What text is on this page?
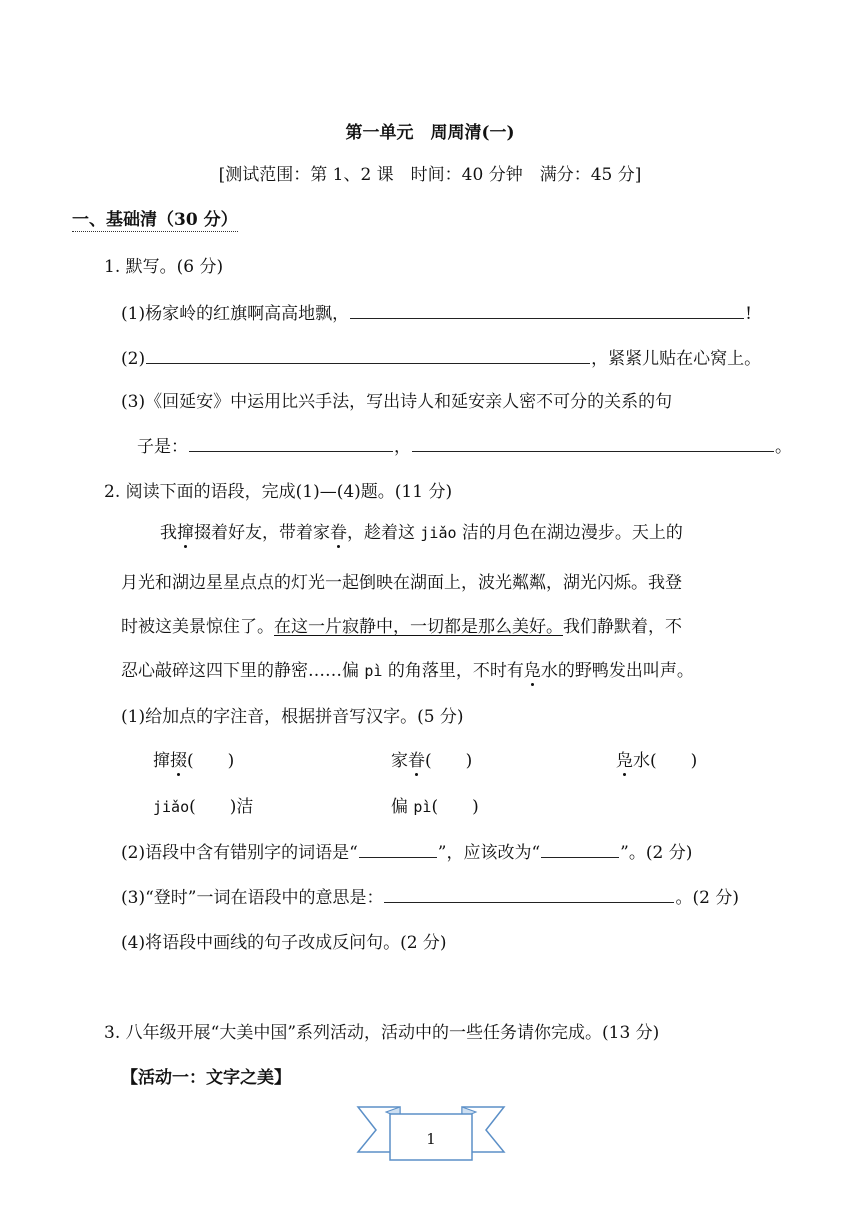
第一单元　周周清(一)
[测试范围：第 1、2 课　时间：40 分钟　满分：45 分]
一、基础清（30 分）
1. 默写。(6 分)
(1)杨家岭的红旗啊高高地飘，	!
(2)	，紧紧儿贴在心窝上。
(3)《回延安》中运用比兴手法，写出诗人和延安亲人密不可分的关系的句
子是：	，	。
2. 阅读下面的语段，完成(1)—(4)题。(11 分)
我撺掇着好友，带着家眷，趁着这 jiǎo 洁的月色在湖边漫步。天上的
月光和湖边星星点点的灯光一起倒映在湖面上，波光粼粼，湖光闪烁。我登
时被这美景惊住了。在这一片寂静中，一切都是那么美好。我们静默着，不
忍心敲碎这四下里的静密……偏 pì 的角落里，不时有凫水的野鸭发出叫声。
(1)给加点的字注音，根据拼音写汉字。(5 分)
撺掇(　　)	家眷(　　)	凫水(　　)
jiǎo(　　)洁	偏 pì(　　)
(2)语段中含有错别字的词语是“	”，应该改为“	”。(2 分)
(3)“登时”一词在语段中的意思是：	。(2 分)
(4)将语段中画线的句子改成反问句。(2 分)
3. 八年级开展“大美中国”系列活动，活动中的一些任务请你完成。(13 分)
【活动一：文字之美】
1
